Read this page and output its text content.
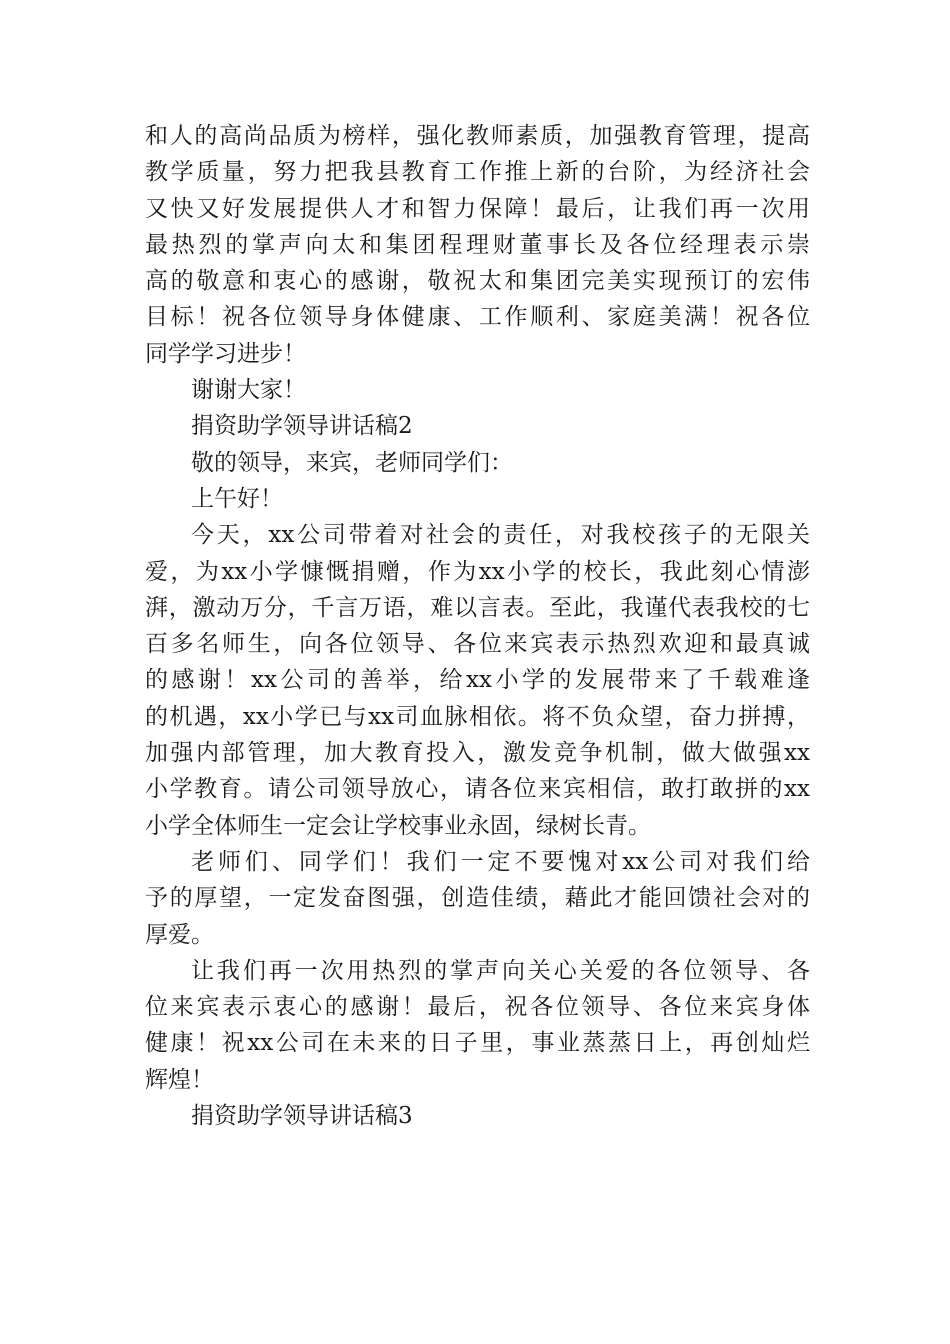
和人的高尚品质为榜样，强化教师素质，加强教育管理，提高
教学质量，努力把我县教育工作推上新的台阶，为经济社会
又快又好发展提供人才和智力保障！最后，让我们再一次用
最热烈的掌声向太和集团程理财董事长及各位经理表示崇
高的敬意和衷心的感谢，敬祝太和集团完美实现预订的宏伟
目标！祝各位领导身体健康、工作顺利、家庭美满！祝各位
同学学习进步！
谢谢大家！
捐资助学领导讲话稿2
敬的领导，来宾，老师同学们：
上午好！
今天，xx公司带着对社会的责任，对我校孩子的无限关
爱，为xx小学慷慨捐赠，作为xx小学的校长，我此刻心情澎
湃，激动万分，千言万语，难以言表。至此，我谨代表我校的七
百多名师生，向各位领导、各位来宾表示热烈欢迎和最真诚
的感谢！xx公司的善举，给xx小学的发展带来了千载难逢
的机遇，xx小学已与xx司血脉相依。将不负众望，奋力拼搏，
加强内部管理，加大教育投入，激发竞争机制，做大做强xx
小学教育。请公司领导放心，请各位来宾相信，敢打敢拼的xx
小学全体师生一定会让学校事业永固，绿树长青。
老师们、同学们！我们一定不要愧对xx公司对我们给
予的厚望，一定发奋图强，创造佳绩，藉此才能回馈社会对的
厚爱。
让我们再一次用热烈的掌声向关心关爱的各位领导、各
位来宾表示衷心的感谢！最后，祝各位领导、各位来宾身体
健康！祝xx公司在未来的日子里，事业蒸蒸日上，再创灿烂
辉煌！
捐资助学领导讲话稿3
